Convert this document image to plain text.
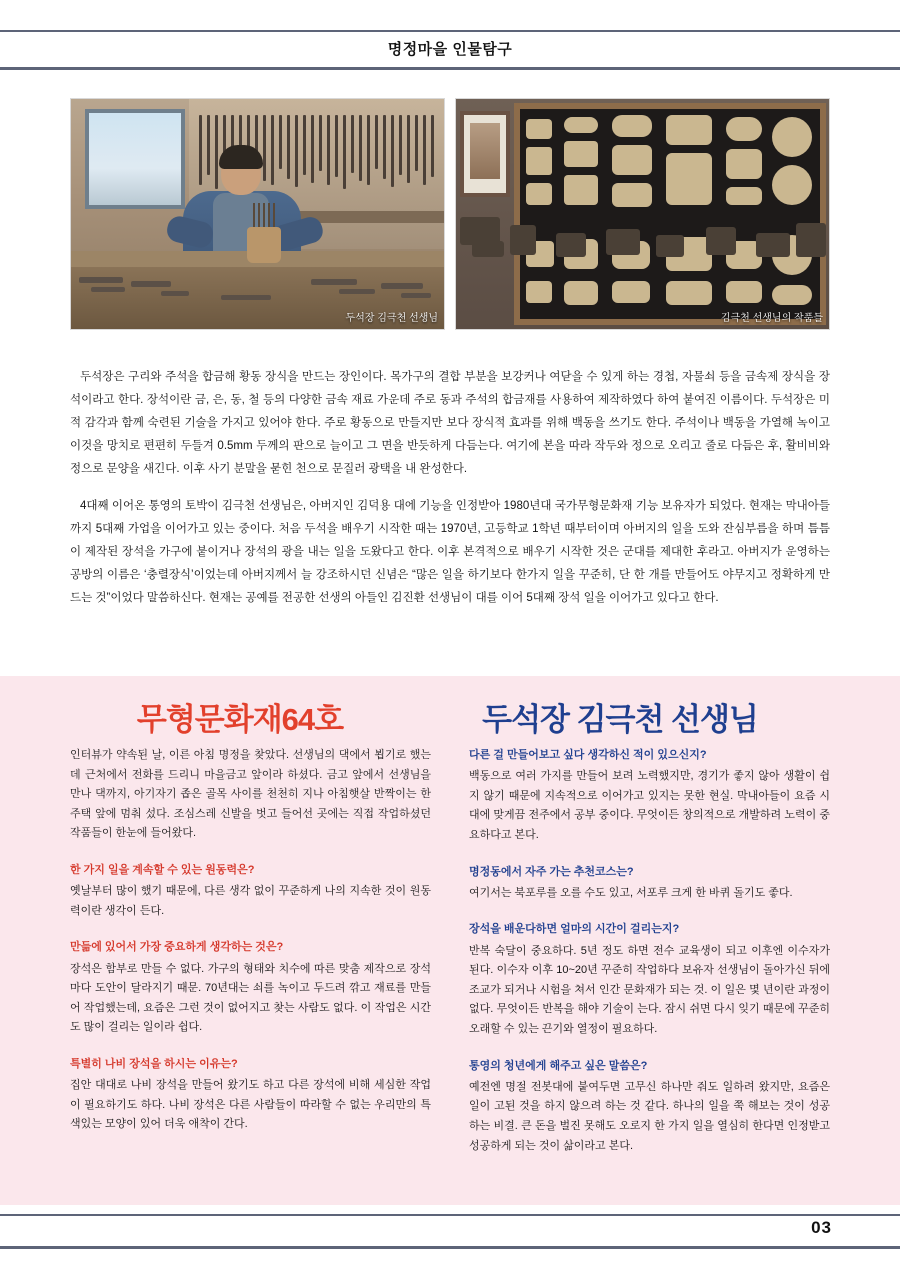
명정마을 인물탐구
두석장 김극천 선생님	김극천 선생님의 작품들

두석장은 구리와 주석을 합금해 황동 장식을 만드는 장인이다. 목가구의 결합 부분을 보강커나 여닫을 수 있게 하는 경첩, 자물쇠 등을 금속제 장식을 장석이라고 한다. 장석이란 금, 은, 동, 철 등의 다양한 금속 재료 가운데 주로 동과 주석의 합금재를 사용하여 제작하였다 하여 붙여진 이름이다. 두석장은 미적 감각과 함께 숙련된 기술을 가지고 있어야 한다. 주로 황동으로 만들지만 보다 장식적 효과를 위해 백동을 쓰기도 한다. 주석이나 백동을 가열해 녹이고 이것을 망치로 편편히 두들겨 0.5mm 두께의 판으로 늘이고 그 면을 반듯하게 다듬는다. 여기에 본을 따라 작두와 정으로 오리고 줄로 다듬은 후, 활비비와 정으로 문양을 새긴다. 이후 사기 분말을 묻힌 천으로 문질러 광택을 내 완성한다.

4대째 이어온 통영의 토박이 김극천 선생님은, 아버지인 김덕용 대에 기능을 인정받아 1980년대 국가무형문화재 기능 보유자가 되었다. 현재는 막내아들까지 5대째 가업을 이어가고 있는 중이다. 처음 두석을 배우기 시작한 때는 1970년, 고등학교 1학년 때부터이며 아버지의 일을 도와 잔심부름을 하며 틈틈이 제작된 장석을 가구에 붙이거나 장석의 광을 내는 일을 도왔다고 한다. 이후 본격적으로 배우기 시작한 것은 군대를 제대한 후라고. 아버지가 운영하는 공방의 이름은 ‘충렬장식’이었는데 아버지께서 늘 강조하시던 신념은 “많은 일을 하기보다 한가지 일을 꾸준히, 단 한 개를 만들어도 야무지고 정확하게 만드는 것”이었다 말씀하신다. 현재는 공예를 전공한 선생의 아들인 김진환 선생님이 대를 이어 5대째 장석 일을 이어가고 있다고 한다.

무형문화재64호	두석장 김극천 선생님
인터뷰가 약속된 날, 이른 아침 명정을 찾았다. 선생님의 댁에서 뵙기로 했는데 근처에서 전화를 드리니 마을금고 앞이라 하셨다. 금고 앞에서 선생님을 만나 댁까지, 아기자기 좁은 골목 사이를 천천히 지나 아침햇살 반짝이는 한 주택 앞에 멈춰 섰다. 조심스레 신발을 벗고 들어선 곳에는 직접 작업하셨던 작품들이 한눈에 들어왔다.
한 가지 일을 계속할 수 있는 원동력은?
옛날부터 많이 했기 때문에, 다른 생각 없이 꾸준하게 나의 지속한 것이 원동력이란 생각이 든다.
만듦에 있어서 가장 중요하게 생각하는 것은?
장석은 함부로 만들 수 없다. 가구의 형태와 치수에 따른 맞춤 제작으로 장석마다 도안이 달라지기 때문. 70년대는 쇠를 녹이고 두드려 깎고 재료를 만들어 작업했는데, 요즘은 그런 것이 없어지고 찾는 사람도 없다. 이 작업은 시간도 많이 걸리는 일이라 쉽다.
특별히 나비 장석을 하시는 이유는?
집안 대대로 나비 장석을 만들어 왔기도 하고 다른 장석에 비해 세심한 작업이 필요하기도 하다. 나비 장석은 다른 사람들이 따라할 수 없는 우리만의 특색있는 모양이 있어 더욱 애착이 간다.
다른 걸 만들어보고 싶다 생각하신 적이 있으신지?
백동으로 여러 가지를 만들어 보려 노력했지만, 경기가 좋지 않아 생활이 쉽지 않기 때문에 지속적으로 이어가고 있지는 못한 현실. 막내아들이 요즘 시대에 맞게끔 전주에서 공부 중이다. 무엇이든 창의적으로 개발하려 노력이 중요하다고 본다.
명정동에서 자주 가는 추천코스는?
여기서는 북포루를 오를 수도 있고, 서포루 크게 한 바퀴 돌기도 좋다.
장석을 배운다하면 얼마의 시간이 걸리는지?
반복 숙달이 중요하다. 5년 정도 하면 전수 교육생이 되고 이후엔 이수자가 된다. 이수자 이후 10~20년 꾸준히 작업하다 보유자 선생님이 돌아가신 뒤에 조교가 되거나 시험을 쳐서 인간 문화재가 되는 것. 이 일은 몇 년이란 과정이 없다. 무엇이든 반복을 해야 기술이 는다. 잠시 쉬면 다시 잊기 때문에 꾸준히 오래할 수 있는 끈기와 열정이 필요하다.
통영의 청년에게 해주고 싶은 말씀은?
예전엔 명절 전봇대에 붙여두면 고무신 하나만 줘도 일하려 왔지만, 요즘은 일이 고된 것을 하지 않으려 하는 것 같다. 하나의 일을 쭉 해보는 것이 성공하는 비결. 큰 돈을 벌진 못해도 오로지 한 가지 일을 열심히 한다면 인정받고 성공하게 되는 것이 삶이라고 본다.
03
